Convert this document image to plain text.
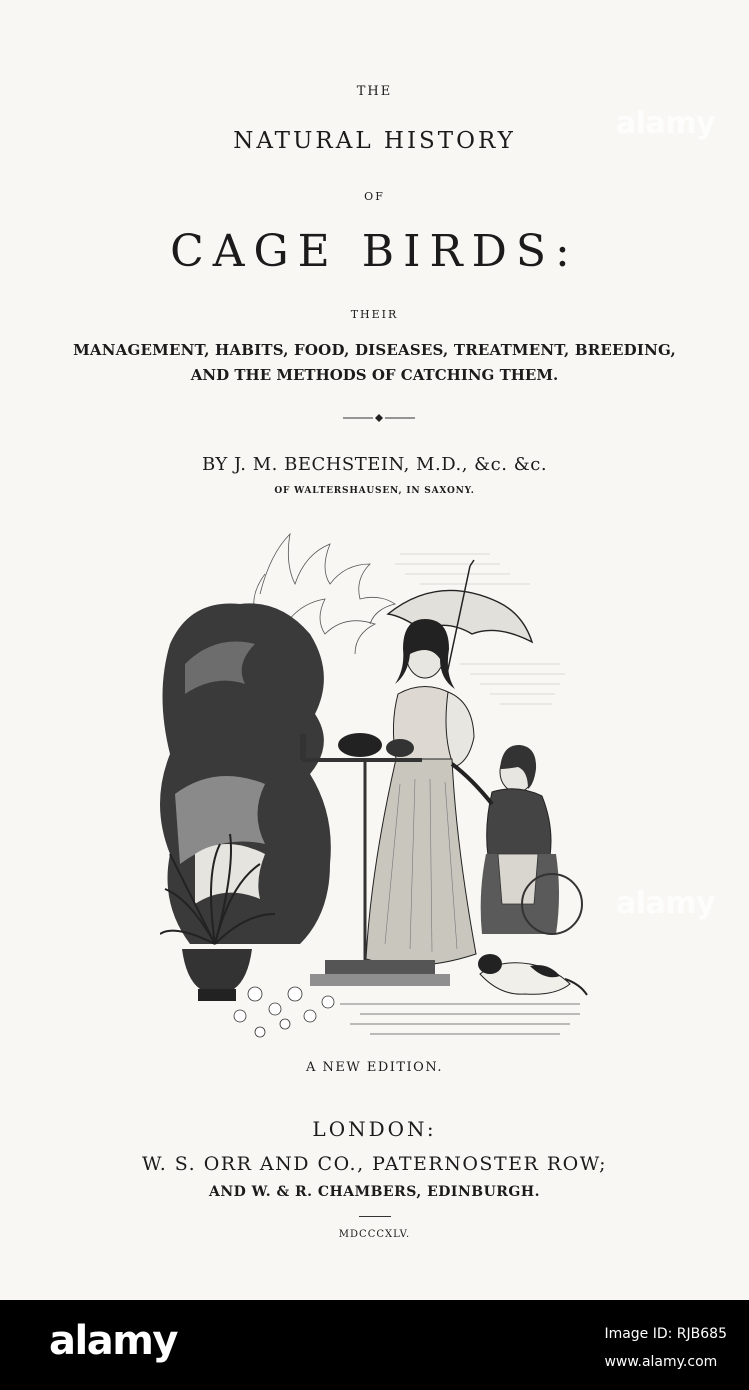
THE
NATURAL HISTORY
OF
CAGE BIRDS:
THEIR
MANAGEMENT, HABITS, FOOD, DISEASES, TREATMENT, BREEDING,
AND THE METHODS OF CATCHING THEM.
BY J. M. BECHSTEIN, M.D., &c. &c.
OF WALTERSHAUSEN, IN SAXONY.
A NEW EDITION.
LONDON:
W. S. ORR AND CO., PATERNOSTER ROW;
AND W. & R. CHAMBERS, EDINBURGH.
MDCCCXLV.
alamy
alamy
alamy	Image ID: RJB685
www.alamy.com
